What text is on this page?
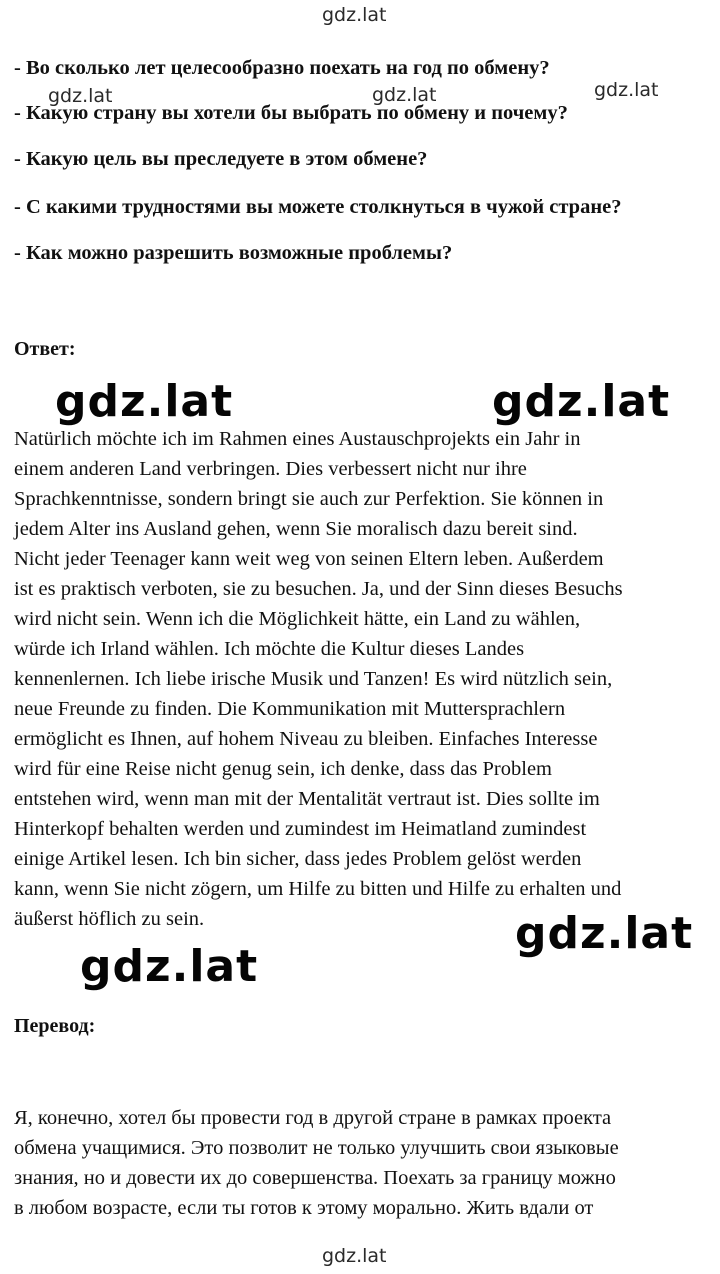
gdz.lat
gdz.lat	gdz.lat	gdz.lat
gdz.lat
- Во сколько лет целесообразно поехать на год по обмену?
- Какую страну вы хотели бы выбрать по обмену и почему?
- Какую цель вы преследуете в этом обмене?
- С какими трудностями вы можете столкнуться в чужой стране?
- Как можно разрешить возможные проблемы?
Ответ:
gdz.lat	gdz.lat
Natürlich möchte ich im Rahmen eines Austauschprojekts ein Jahr in
einem anderen Land verbringen. Dies verbessert nicht nur ihre
Sprachkenntnisse, sondern bringt sie auch zur Perfektion. Sie können in
jedem Alter ins Ausland gehen, wenn Sie moralisch dazu bereit sind.
Nicht jeder Teenager kann weit weg von seinen Eltern leben. Außerdem
ist es praktisch verboten, sie zu besuchen. Ja, und der Sinn dieses Besuchs
wird nicht sein. Wenn ich die Möglichkeit hätte, ein Land zu wählen,
würde ich Irland wählen. Ich möchte die Kultur dieses Landes
kennenlernen. Ich liebe irische Musik und Tanzen! Es wird nützlich sein,
neue Freunde zu finden. Die Kommunikation mit Muttersprachlern
ermöglicht es Ihnen, auf hohem Niveau zu bleiben. Einfaches Interesse
wird für eine Reise nicht genug sein, ich denke, dass das Problem
entstehen wird, wenn man mit der Mentalität vertraut ist. Dies sollte im
Hinterkopf behalten werden und zumindest im Heimatland zumindest
einige Artikel lesen. Ich bin sicher, dass jedes Problem gelöst werden
kann, wenn Sie nicht zögern, um Hilfe zu bitten und Hilfe zu erhalten und
äußerst höflich zu sein.	gdz.lat
gdz.lat
Перевод:
Я, конечно, хотел бы провести год в другой стране в рамках проекта
обмена учащимися. Это позволит не только улучшить свои языковые
знания, но и довести их до совершенства. Поехать за границу можно
в любом возрасте, если ты готов к этому морально. Жить вдали от
